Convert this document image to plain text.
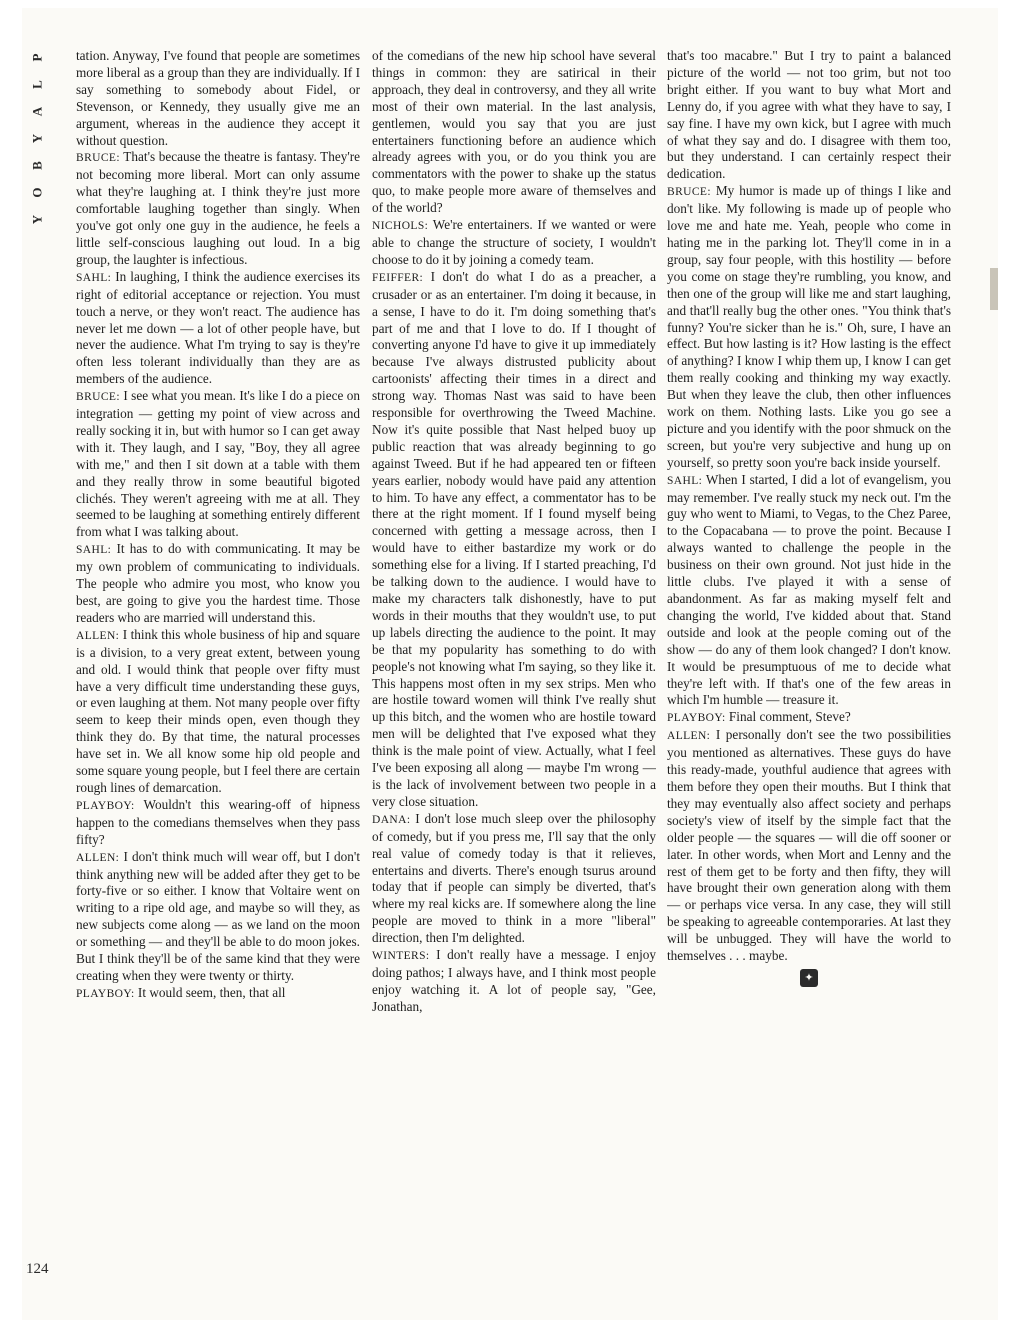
P
L
A
Y
B
O
Y
124

tation. Anyway, I've found that people are sometimes more liberal as a group than they are individually. If I say something to somebody about Fidel, or Stevenson, or Kennedy, they usually give me an argument, whereas in the audience they accept it without question.

BRUCE: That's because the theatre is fantasy. They're not becoming more liberal. Mort can only assume what they're laughing at. I think they're just more comfortable laughing together than singly. When you've got only one guy in the audience, he feels a little self-conscious laughing out loud. In a big group, the laughter is infectious.

SAHL: In laughing, I think the audience exercises its right of editorial acceptance or rejection. You must touch a nerve, or they won't react. The audience has never let me down — a lot of other people have, but never the audience. What I'm trying to say is they're often less tolerant individually than they are as members of the audience.

BRUCE: I see what you mean. It's like I do a piece on integration — getting my point of view across and really socking it in, but with humor so I can get away with it. They laugh, and I say, "Boy, they all agree with me," and then I sit down at a table with them and they really throw in some beautiful bigoted clichés. They weren't agreeing with me at all. They seemed to be laughing at something entirely different from what I was talking about.

SAHL: It has to do with communicating. It may be my own problem of communicating to individuals. The people who admire you most, who know you best, are going to give you the hardest time. Those readers who are married will understand this.

ALLEN: I think this whole business of hip and square is a division, to a very great extent, between young and old. I would think that people over fifty must have a very difficult time understanding these guys, or even laughing at them. Not many people over fifty seem to keep their minds open, even though they think they do. By that time, the natural processes have set in. We all know some hip old people and some square young people, but I feel there are certain rough lines of demarcation.

PLAYBOY: Wouldn't this wearing-off of hipness happen to the comedians themselves when they pass fifty?

ALLEN: I don't think much will wear off, but I don't think anything new will be added after they get to be forty-five or so either. I know that Voltaire went on writing to a ripe old age, and maybe so will they, as new subjects come along — as we land on the moon or something — and they'll be able to do moon jokes. But I think they'll be of the same kind that they were creating when they were twenty or thirty.

PLAYBOY: It would seem, then, that all

of the comedians of the new hip school have several things in common: they are satirical in their approach, they deal in controversy, and they all write most of their own material. In the last analysis, gentlemen, would you say that you are just entertainers functioning before an audience which already agrees with you, or do you think you are commentators with the power to shake up the status quo, to make people more aware of themselves and of the world?

NICHOLS: We're entertainers. If we wanted or were able to change the structure of society, I wouldn't choose to do it by joining a comedy team.

FEIFFER: I don't do what I do as a preacher, a crusader or as an entertainer. I'm doing it because, in a sense, I have to do it. I'm doing something that's part of me and that I love to do. If I thought of converting anyone I'd have to give it up immediately because I've always distrusted publicity about cartoonists' affecting their times in a direct and strong way. Thomas Nast was said to have been responsible for overthrowing the Tweed Machine. Now it's quite possible that Nast helped buoy up public reaction that was already beginning to go against Tweed. But if he had appeared ten or fifteen years earlier, nobody would have paid any attention to him. To have any effect, a commentator has to be there at the right moment. If I found myself being concerned with getting a message across, then I would have to either bastardize my work or do something else for a living. If I started preaching, I'd be talking down to the audience. I would have to make my characters talk dishonestly, have to put words in their mouths that they wouldn't use, to put up labels directing the audience to the point. It may be that my popularity has something to do with people's not knowing what I'm saying, so they like it. This happens most often in my sex strips. Men who are hostile toward women will think I've really shut up this bitch, and the women who are hostile toward men will be delighted that I've exposed what they think is the male point of view. Actually, what I feel I've been exposing all along — maybe I'm wrong — is the lack of involvement between two people in a very close situation.

DANA: I don't lose much sleep over the philosophy of comedy, but if you press me, I'll say that the only real value of comedy today is that it relieves, entertains and diverts. There's enough tsurus around today that if people can simply be diverted, that's where my real kicks are. If somewhere along the line people are moved to think in a more "liberal" direction, then I'm delighted.

WINTERS: I don't really have a message. I enjoy doing pathos; I always have, and I think most people enjoy watching it. A lot of people say, "Gee, Jonathan,

that's too macabre." But I try to paint a balanced picture of the world — not too grim, but not too bright either. If you want to buy what Mort and Lenny do, if you agree with what they have to say, I say fine. I have my own kick, but I agree with much of what they say and do. I disagree with them too, but they understand. I can certainly respect their dedication.

BRUCE: My humor is made up of things I like and don't like. My following is made up of people who love me and hate me. Yeah, people who come in hating me in the parking lot. They'll come in in a group, say four people, with this hostility — before you come on stage they're rumbling, you know, and then one of the group will like me and start laughing, and that'll really bug the other ones. "You think that's funny? You're sicker than he is." Oh, sure, I have an effect. But how lasting is it? How lasting is the effect of anything? I know I whip them up, I know I can get them really cooking and thinking my way exactly. But when they leave the club, then other influences work on them. Nothing lasts. Like you go see a picture and you identify with the poor shmuck on the screen, but you're very subjective and hung up on yourself, so pretty soon you're back inside yourself.

SAHL: When I started, I did a lot of evangelism, you may remember. I've really stuck my neck out. I'm the guy who went to Miami, to Vegas, to the Chez Paree, to the Copacabana — to prove the point. Because I always wanted to challenge the people in the business on their own ground. Not just hide in the little clubs. I've played it with a sense of abandonment. As far as making myself felt and changing the world, I've kidded about that. Stand outside and look at the people coming out of the show — do any of them look changed? I don't know. It would be presumptuous of me to decide what they're left with. If that's one of the few areas in which I'm humble — treasure it.

PLAYBOY: Final comment, Steve?

ALLEN: I personally don't see the two possibilities you mentioned as alternatives. These guys do have this ready-made, youthful audience that agrees with them before they open their mouths. But I think that they may eventually also affect society and perhaps society's view of itself by the simple fact that the older people — the squares — will die off sooner or later. In other words, when Mort and Lenny and the rest of them get to be forty and then fifty, they will have brought their own generation along with them — or perhaps vice versa. In any case, they will still be speaking to agreeable contemporaries. At last they will be unbugged. They will have the world to themselves . . . maybe.

✦
